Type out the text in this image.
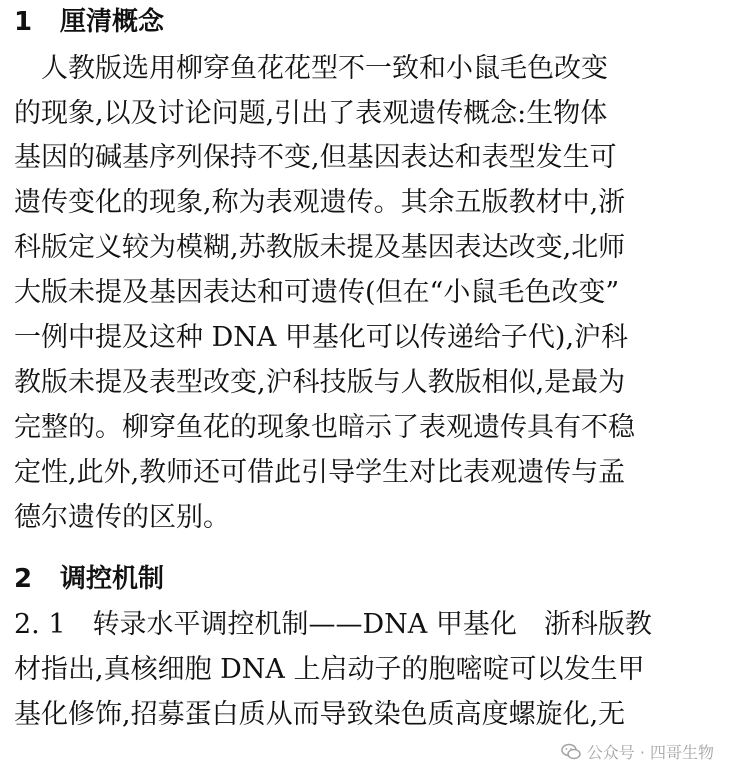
1 厘清概念
　人教版选用柳穿鱼花花型不一致和小鼠毛色改变
的现象,以及讨论问题,引出了表观遗传概念:生物体
基因的碱基序列保持不变,但基因表达和表型发生可
遗传变化的现象,称为表观遗传。其余五版教材中,浙
科版定义较为模糊,苏教版未提及基因表达改变,北师
大版未提及基因表达和可遗传(但在“小鼠毛色改变”
一例中提及这种 DNA 甲基化可以传递给子代),沪科
教版未提及表型改变,沪科技版与人教版相似,是最为
完整的。柳穿鱼花的现象也暗示了表观遗传具有不稳
定性,此外,教师还可借此引导学生对比表观遗传与孟
德尔遗传的区别。
2 调控机制
2. 1　转录水平调控机制——DNA 甲基化　浙科版教
材指出,真核细胞 DNA 上启动子的胞嘧啶可以发生甲
基化修饰,招募蛋白质从而导致染色质高度螺旋化,无
公众号 · 四哥生物
